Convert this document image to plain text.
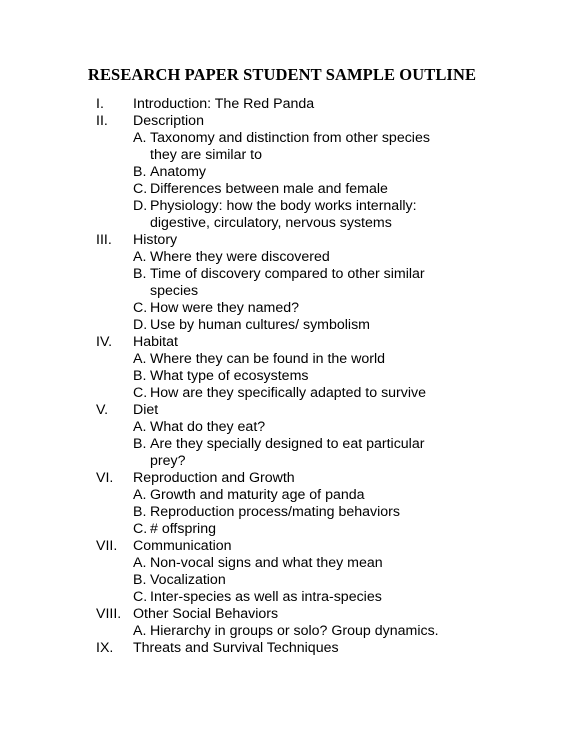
RESEARCH PAPER STUDENT SAMPLE OUTLINE
I. Introduction: The Red Panda
II. Description
A. Taxonomy and distinction from other species
they are similar to
B. Anatomy
C. Differences between male and female
D. Physiology: how the body works internally:
digestive, circulatory, nervous systems
III. History
A. Where they were discovered
B. Time of discovery compared to other similar
species
C. How were they named?
D. Use by human cultures/ symbolism
IV. Habitat
A. Where they can be found in the world
B. What type of ecosystems
C. How are they specifically adapted to survive
V. Diet
A. What do they eat?
B. Are they specially designed to eat particular
prey?
VI. Reproduction and Growth
A. Growth and maturity age of panda
B. Reproduction process/mating behaviors
C. # offspring
VII. Communication
A. Non-vocal signs and what they mean
B. Vocalization
C. Inter-species as well as intra-species
VIII. Other Social Behaviors
A. Hierarchy in groups or solo? Group dynamics.
IX. Threats and Survival Techniques
